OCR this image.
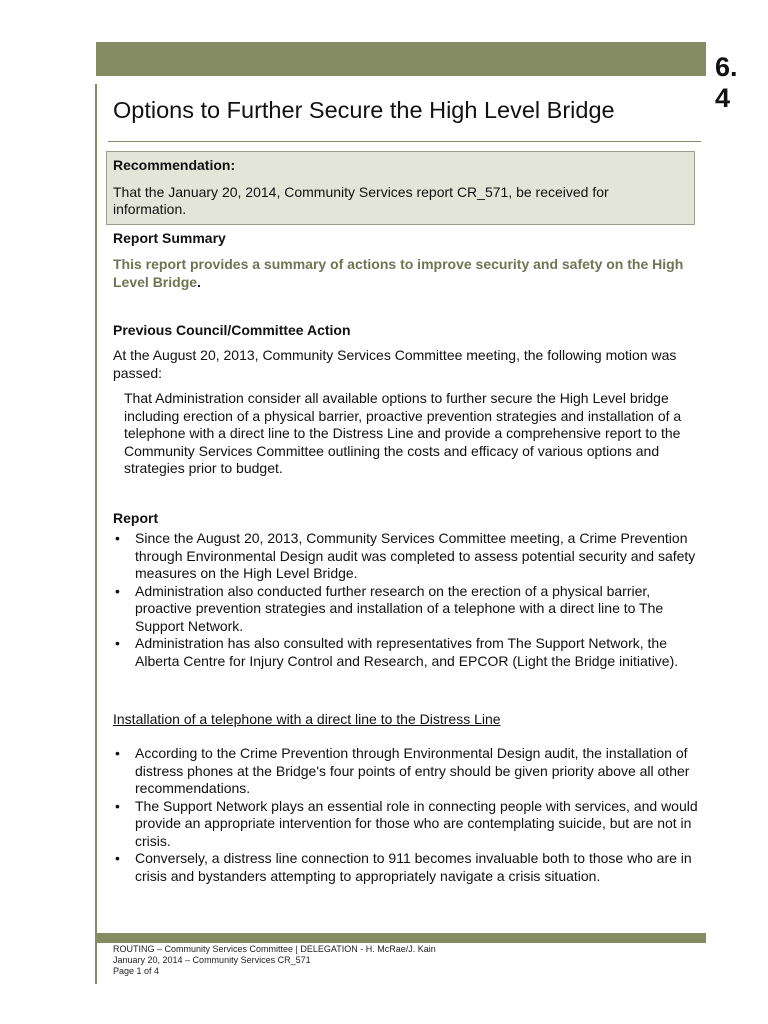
6.
4
Options to Further Secure the High Level Bridge

Recommendation:

That the January 20, 2014, Community Services report CR_571, be received for information.

Report Summary

This report provides a summary of actions to improve security and safety on the High Level Bridge.

Previous Council/Committee Action

At the August 20, 2013, Community Services Committee meeting, the following motion was passed:

That Administration consider all available options to further secure the High Level bridge including erection of a physical barrier, proactive prevention strategies and installation of a telephone with a direct line to the Distress Line and provide a comprehensive report to the Community Services Committee outlining the costs and efficacy of various options and strategies prior to budget.

Report

• Since the August 20, 2013, Community Services Committee meeting, a Crime Prevention through Environmental Design audit was completed to assess potential security and safety measures on the High Level Bridge.
• Administration also conducted further research on the erection of a physical barrier, proactive prevention strategies and installation of a telephone with a direct line to The Support Network.
• Administration has also consulted with representatives from The Support Network, the Alberta Centre for Injury Control and Research, and EPCOR (Light the Bridge initiative).

Installation of a telephone with a direct line to the Distress Line

• According to the Crime Prevention through Environmental Design audit, the installation of distress phones at the Bridge's four points of entry should be given priority above all other recommendations.
• The Support Network plays an essential role in connecting people with services, and would provide an appropriate intervention for those who are contemplating suicide, but are not in crisis.
• Conversely, a distress line connection to 911 becomes invaluable both to those who are in crisis and bystanders attempting to appropriately navigate a crisis situation.
ROUTING – Community Services Committee | DELEGATION - H. McRae/J. Kain
January 20, 2014 – Community Services CR_571
Page 1 of 4
